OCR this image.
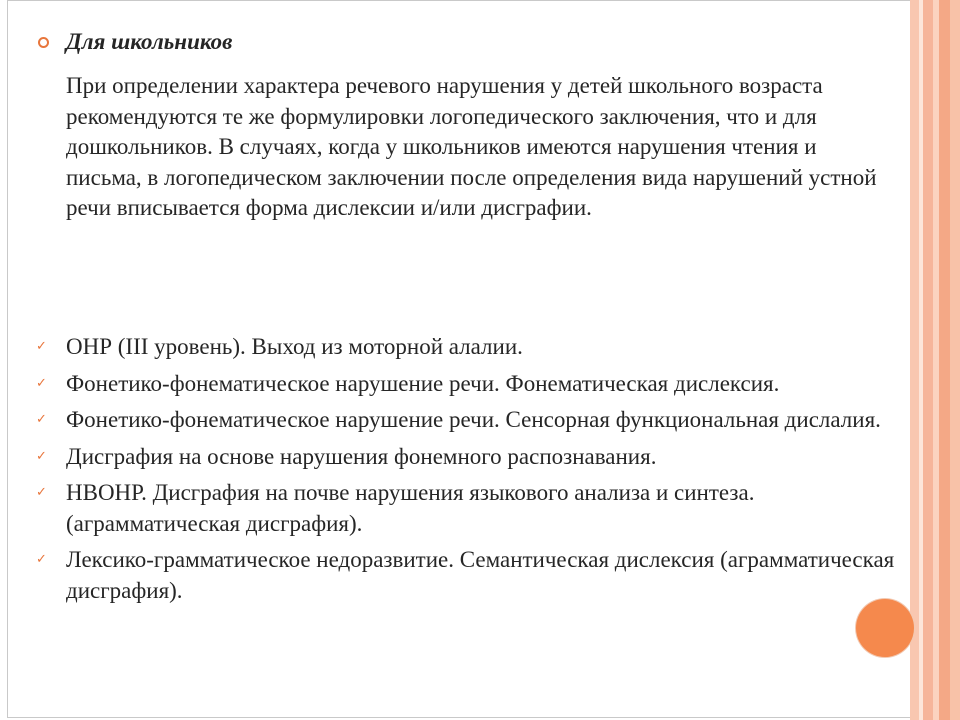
Для школьников

При определении характера речевого нарушения у детей школьного возраста рекомендуются те же формулировки логопедического заключения, что и для дошкольников. В случаях, когда у школьников имеются нарушения чтения и письма, в логопедическом заключении после определения вида нарушений устной речи вписывается форма дислексии и/или дисграфии.

✓ ОНР (III уровень). Выход из моторной алалии.
✓ Фонетико-фонематическое нарушение речи. Фонематическая дислексия.
✓ Фонетико-фонематическое нарушение речи. Сенсорная функциональная дислалия.
✓ Дисграфия на основе нарушения фонемного распознавания.
✓ НВОНР. Дисграфия на почве нарушения языкового анализа и синтеза. (аграмматическая дисграфия).
✓ Лексико-грамматическое недоразвитие. Семантическая дислексия (аграмматическая дисграфия).
